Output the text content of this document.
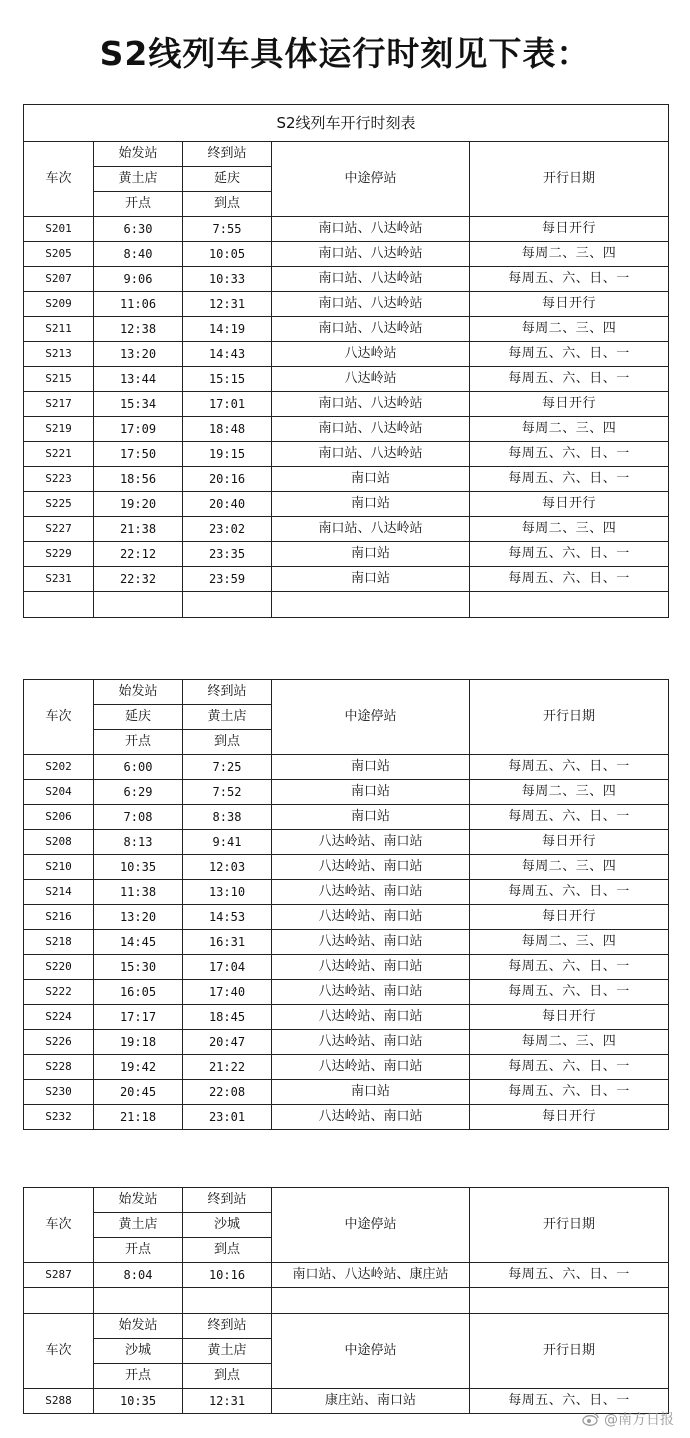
S2线列车具体运行时刻见下表：
S2线列车开行时刻表				
车次	始发站	终到站	中途停站	开行日期
	黄土店	延庆		
	开点	到点		
S201	6:30	7:55	南口站、八达岭站	每日开行
S205	8:40	10:05	南口站、八达岭站	每周二、三、四
S207	9:06	10:33	南口站、八达岭站	每周五、六、日、一
S209	11:06	12:31	南口站、八达岭站	每日开行
S211	12:38	14:19	南口站、八达岭站	每周二、三、四
S213	13:20	14:43	八达岭站	每周五、六、日、一
S215	13:44	15:15	八达岭站	每周五、六、日、一
S217	15:34	17:01	南口站、八达岭站	每日开行
S219	17:09	18:48	南口站、八达岭站	每周二、三、四
S221	17:50	19:15	南口站、八达岭站	每周五、六、日、一
S223	18:56	20:16	南口站	每周五、六、日、一
S225	19:20	20:40	南口站	每日开行
S227	21:38	23:02	南口站、八达岭站	每周二、三、四
S229	22:12	23:35	南口站	每周五、六、日、一
S231	22:32	23:59	南口站	每周五、六、日、一

车次	始发站	终到站	中途停站	开行日期
	延庆	黄土店		
	开点	到点		
S202	6:00	7:25	南口站	每周五、六、日、一
S204	6:29	7:52	南口站	每周二、三、四
S206	7:08	8:38	南口站	每周五、六、日、一
S208	8:13	9:41	八达岭站、南口站	每日开行
S210	10:35	12:03	八达岭站、南口站	每周二、三、四
S214	11:38	13:10	八达岭站、南口站	每周五、六、日、一
S216	13:20	14:53	八达岭站、南口站	每日开行
S218	14:45	16:31	八达岭站、南口站	每周二、三、四
S220	15:30	17:04	八达岭站、南口站	每周五、六、日、一
S222	16:05	17:40	八达岭站、南口站	每周五、六、日、一
S224	17:17	18:45	八达岭站、南口站	每日开行
S226	19:18	20:47	八达岭站、南口站	每周二、三、四
S228	19:42	21:22	八达岭站、南口站	每周五、六、日、一
S230	20:45	22:08	南口站	每周五、六、日、一
S232	21:18	23:01	八达岭站、南口站	每日开行
车次	始发站	终到站	中途停站	开行日期
	黄土店	沙城		
	开点	到点		
S287	8:04	10:16	南口站、八达岭站、康庄站	每周五、六、日、一

车次	始发站	终到站	中途停站	开行日期
	沙城	黄土店		
	开点	到点		
S288	10:35	12:31	康庄站、南口站	每周五、六、日、一
@南方日报
